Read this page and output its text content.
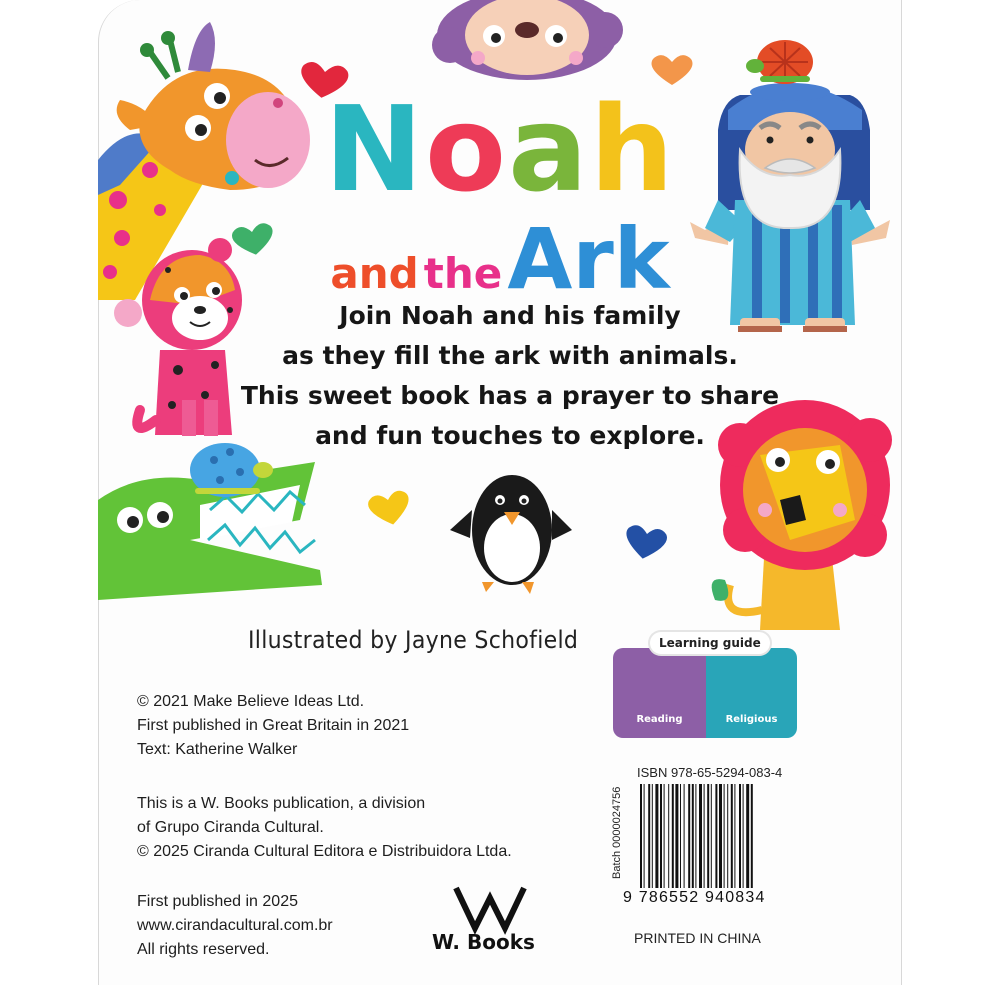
Noah
and the Ark
Join Noah and his family
as they fill the ark with animals.
This sweet book has a prayer to share
and fun touches to explore.
Illustrated by Jayne Schofield
Reading	Religious
Learning guide
© 2021 Make Believe Ideas Ltd.
First published in Great Britain in 2021
Text: Katherine Walker
This is a W. Books publication, a division
of Grupo Ciranda Cultural.
© 2025 Ciranda Cultural Editora e Distribuidora Ltda.
First published in 2025
www.cirandacultural.com.br
All rights reserved.	W. Books
ISBN 978-65-5294-083-4
Batch 0000024756
9 786552 940834
PRINTED IN CHINA
